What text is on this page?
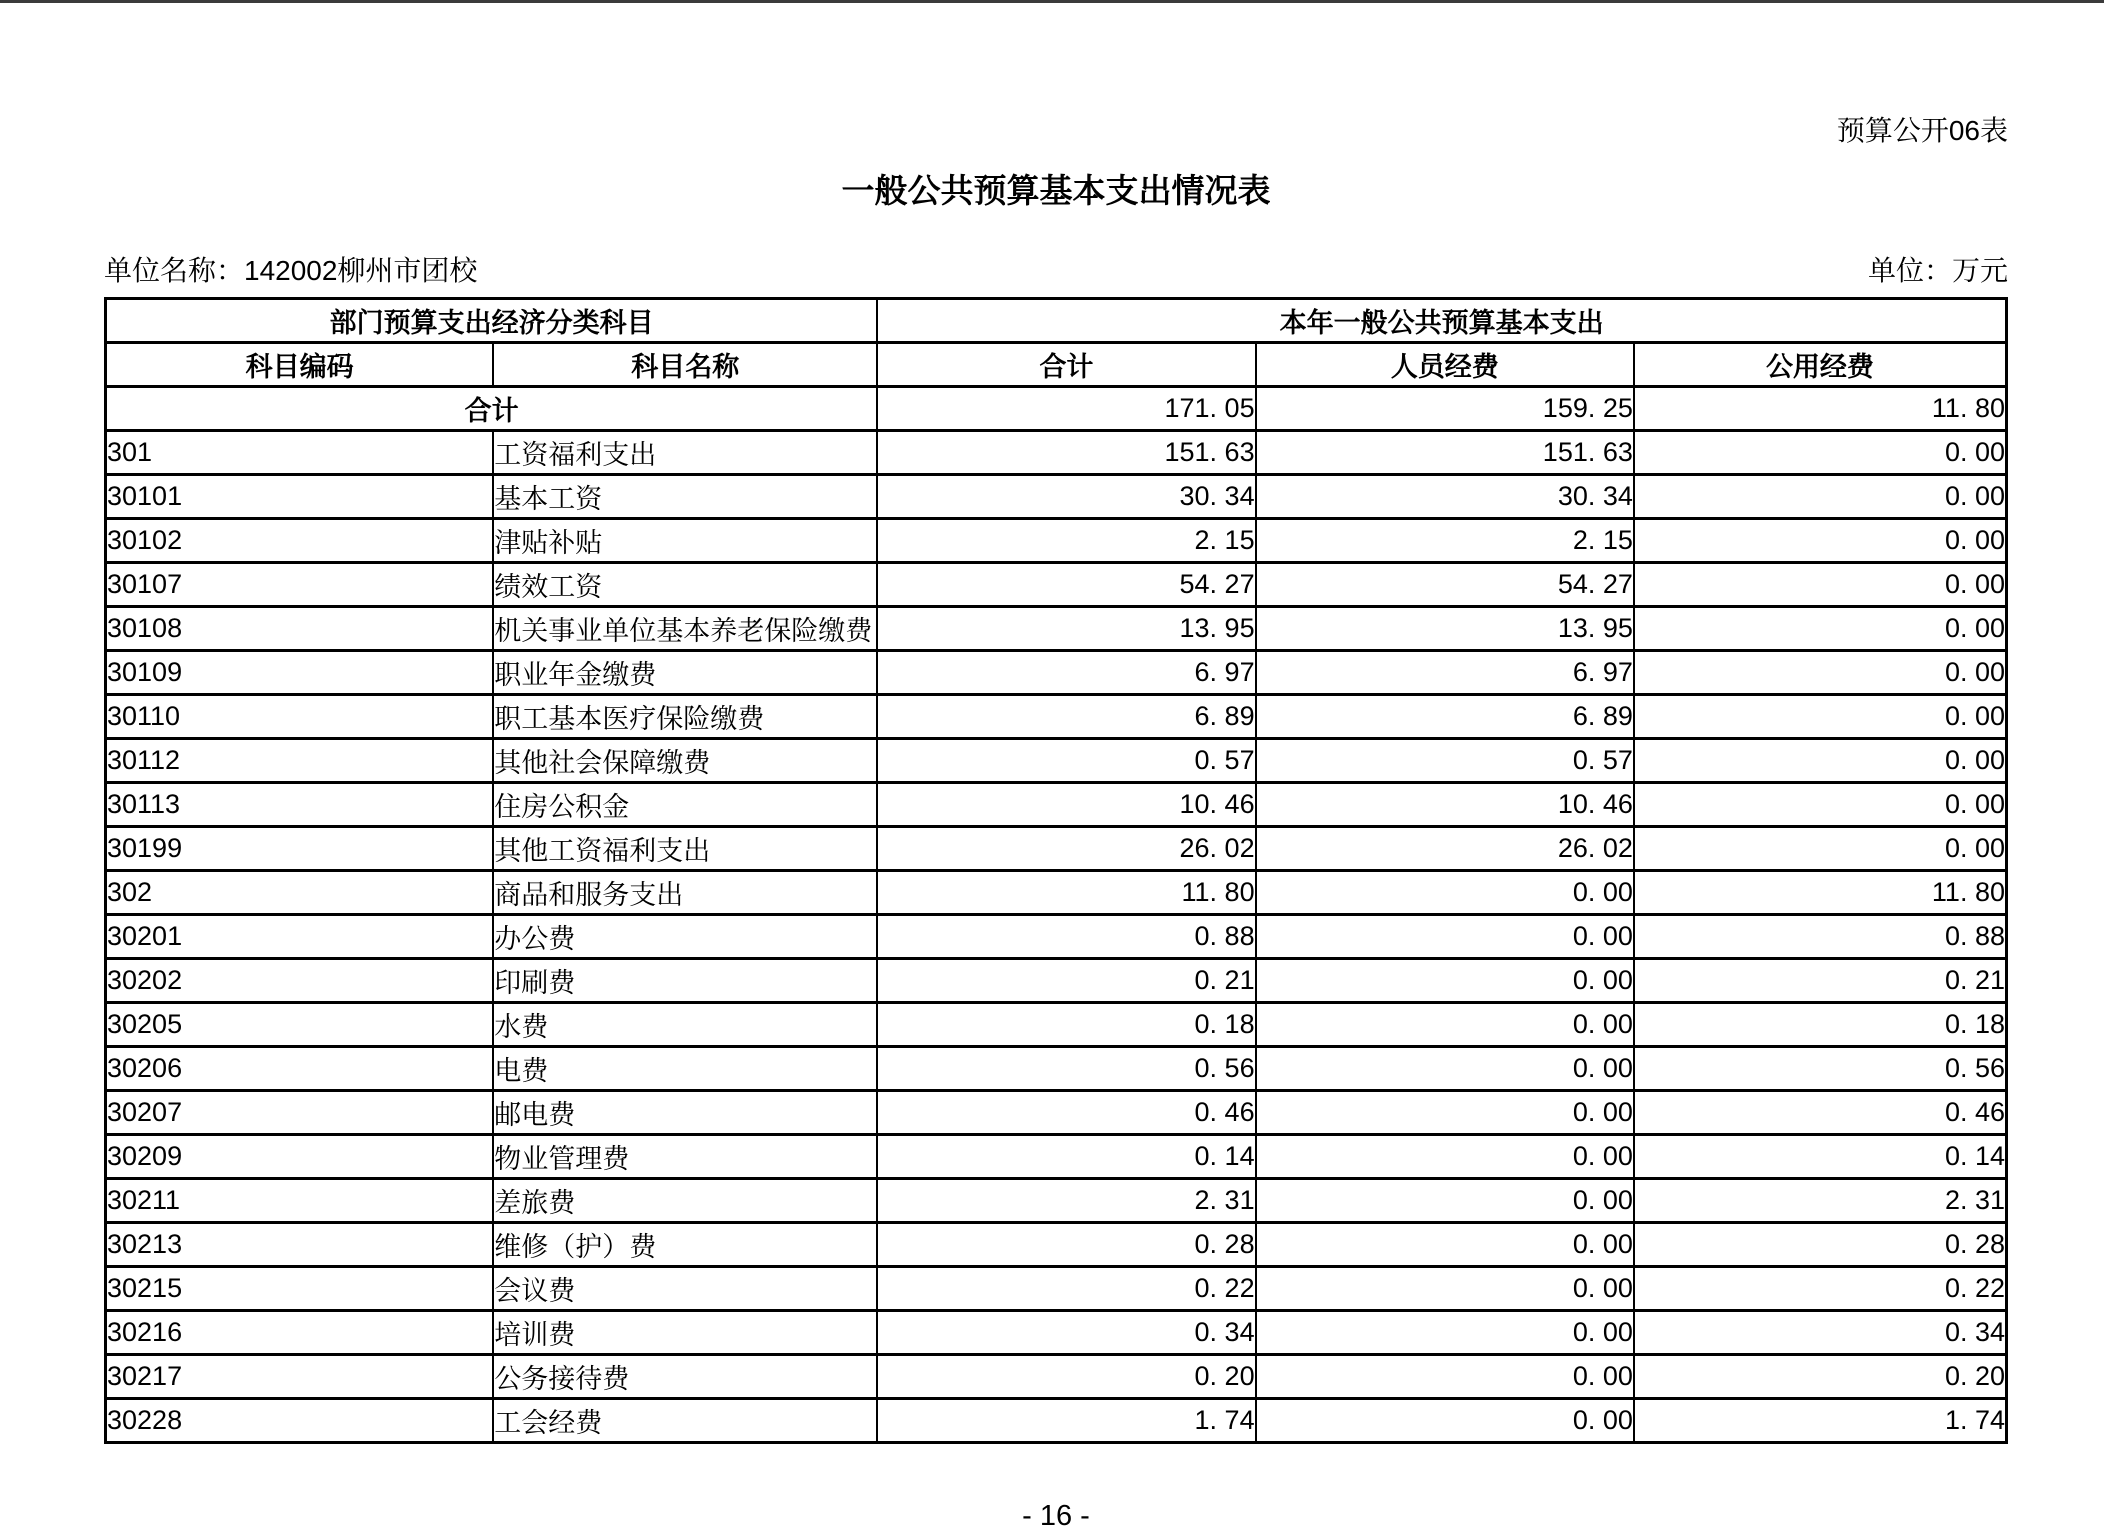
预算公开06表
一般公共预算基本支出情况表
单位名称：142002柳州市团校	单位：万元
部门预算支出经济分类科目		本年一般公共预算基本支出		
科目编码	科目名称	合计	人员经费	公用经费
合计		171. 05	159. 25	11. 80
301	工资福利支出	151. 63	151. 63	0. 00
30101	基本工资	30. 34	30. 34	0. 00
30102	津贴补贴	2. 15	2. 15	0. 00
30107	绩效工资	54. 27	54. 27	0. 00
30108	机关事业单位基本养老保险缴费	13. 95	13. 95	0. 00
30109	职业年金缴费	6. 97	6. 97	0. 00
30110	职工基本医疗保险缴费	6. 89	6. 89	0. 00
30112	其他社会保障缴费	0. 57	0. 57	0. 00
30113	住房公积金	10. 46	10. 46	0. 00
30199	其他工资福利支出	26. 02	26. 02	0. 00
302	商品和服务支出	11. 80	0. 00	11. 80
30201	办公费	0. 88	0. 00	0. 88
30202	印刷费	0. 21	0. 00	0. 21
30205	水费	0. 18	0. 00	0. 18
30206	电费	0. 56	0. 00	0. 56
30207	邮电费	0. 46	0. 00	0. 46
30209	物业管理费	0. 14	0. 00	0. 14
30211	差旅费	2. 31	0. 00	2. 31
30213	维修（护）费	0. 28	0. 00	0. 28
30215	会议费	0. 22	0. 00	0. 22
30216	培训费	0. 34	0. 00	0. 34
30217	公务接待费	0. 20	0. 00	0. 20
30228	工会经费	1. 74	0. 00	1. 74
- 16 -
